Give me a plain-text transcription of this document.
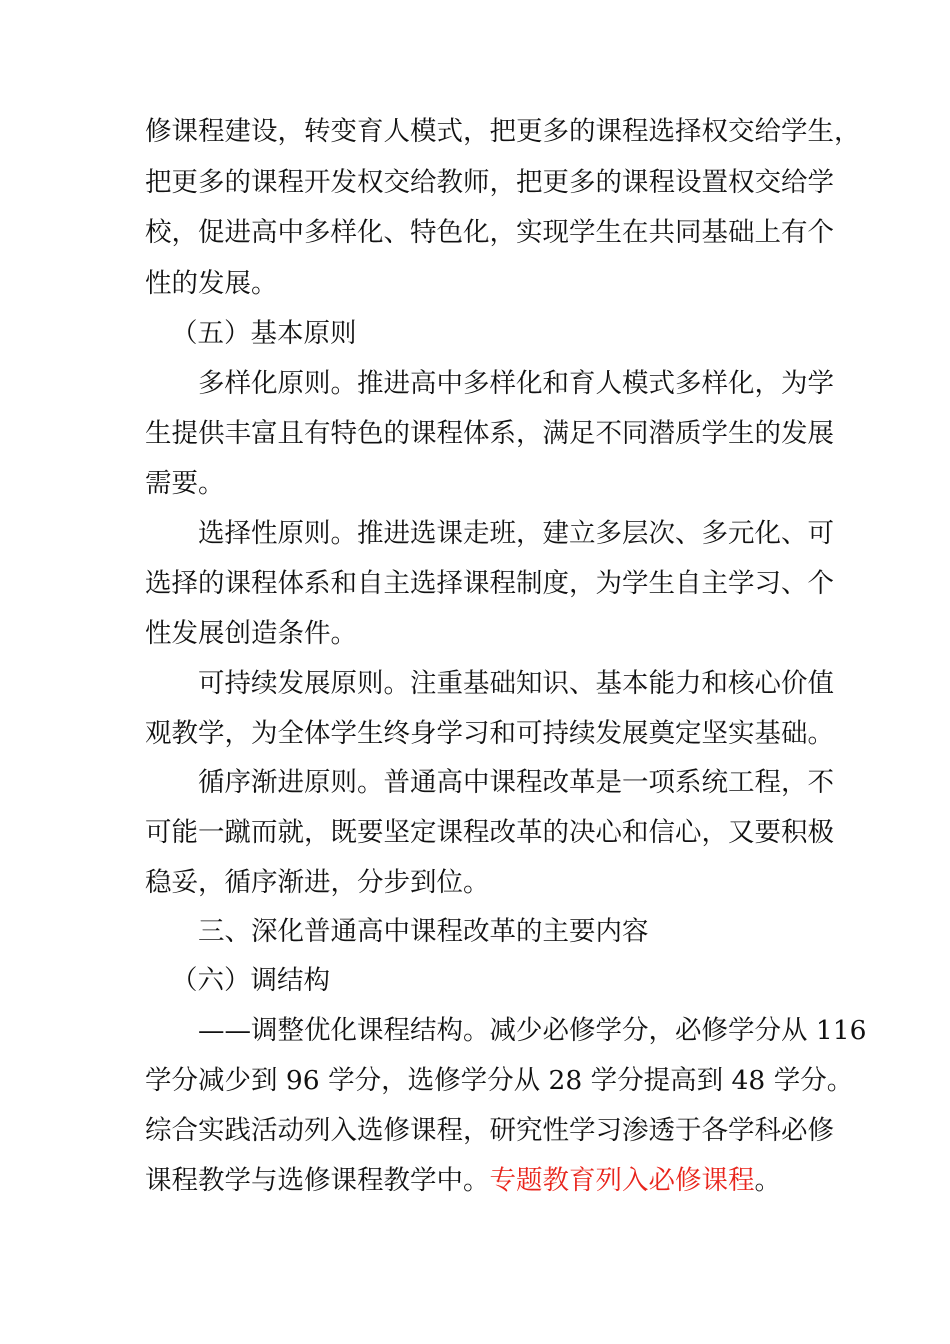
修课程建设，转变育人模式，把更多的课程选择权交给学生，

把更多的课程开发权交给教师，把更多的课程设置权交给学

校，促进高中多样化、特色化，实现学生在共同基础上有个

性的发展。

（五）基本原则

多样化原则。推进高中多样化和育人模式多样化，为学

生提供丰富且有特色的课程体系，满足不同潜质学生的发展

需要。

选择性原则。推进选课走班，建立多层次、多元化、可

选择的课程体系和自主选择课程制度，为学生自主学习、个

性发展创造条件。

可持续发展原则。注重基础知识、基本能力和核心价值

观教学，为全体学生终身学习和可持续发展奠定坚实基础。

循序渐进原则。普通高中课程改革是一项系统工程，不

可能一蹴而就，既要坚定课程改革的决心和信心，又要积极

稳妥，循序渐进，分步到位。

三、深化普通高中课程改革的主要内容

（六）调结构

——调整优化课程结构。减少必修学分，必修学分从 116

学分减少到 96 学分，选修学分从 28 学分提高到 48 学分。

综合实践活动列入选修课程，研究性学习渗透于各学科必修

课程教学与选修课程教学中。专题教育列入必修课程。
